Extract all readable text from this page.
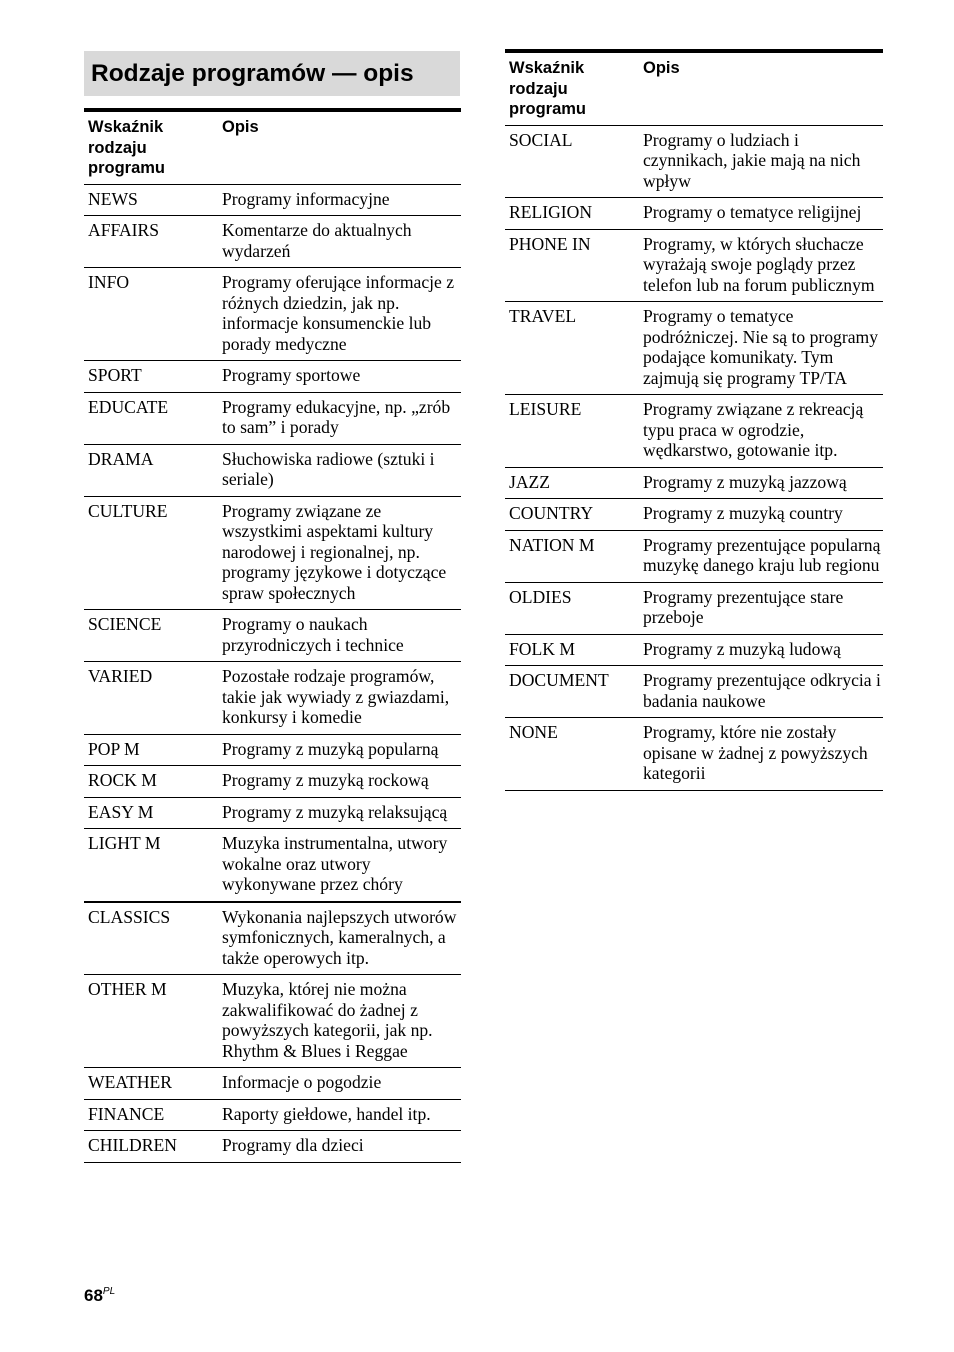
Rodzaje programów — opis
Wskaźnik rodzaju programu	Opis
NEWS	Programy informacyjne
AFFAIRS	Komentarze do aktualnych wydarzeń
INFO	Programy oferujące informacje z różnych dziedzin, jak np. informacje konsumenckie lub porady medyczne
SPORT	Programy sportowe
EDUCATE	Programy edukacyjne, np. „zrób to sam” i porady
DRAMA	Słuchowiska radiowe (sztuki i seriale)
CULTURE	Programy związane ze wszystkimi aspektami kultury narodowej i regionalnej, np. programy językowe i dotyczące spraw społecznych
SCIENCE	Programy o naukach przyrodniczych i technice
VARIED	Pozostałe rodzaje programów, takie jak wywiady z gwiazdami, konkursy i komedie
POP M	Programy z muzyką popularną
ROCK M	Programy z muzyką rockową
EASY M	Programy z muzyką relaksującą
LIGHT M	Muzyka instrumentalna, utwory wokalne oraz utwory wykonywane przez chóry
CLASSICS	Wykonania najlepszych utworów symfonicznych, kameralnych, a także operowych itp.
OTHER M	Muzyka, której nie można zakwalifikować do żadnej z powyższych kategorii, jak np. Rhythm & Blues i Reggae
WEATHER	Informacje o pogodzie
FINANCE	Raporty giełdowe, handel itp.
CHILDREN	Programy dla dzieci
Wskaźnik rodzaju programu	Opis
SOCIAL	Programy o ludziach i czynnikach, jakie mają na nich wpływ
RELIGION	Programy o tematyce religijnej
PHONE IN	Programy, w których słuchacze wyrażają swoje poglądy przez telefon lub na forum publicznym
TRAVEL	Programy o tematyce podróżniczej. Nie są to programy podające komunikaty. Tym zajmują się programy TP/TA
LEISURE	Programy związane z rekreacją typu praca w ogrodzie, wędkarstwo, gotowanie itp.
JAZZ	Programy z muzyką jazzową
COUNTRY	Programy z muzyką country
NATION M	Programy prezentujące popularną muzykę danego kraju lub regionu
OLDIES	Programy prezentujące stare przeboje
FOLK M	Programy z muzyką ludową
DOCUMENT	Programy prezentujące odkrycia i badania naukowe
NONE	Programy, które nie zostały opisane w żadnej z powyższych kategorii
$68^{PL}$
